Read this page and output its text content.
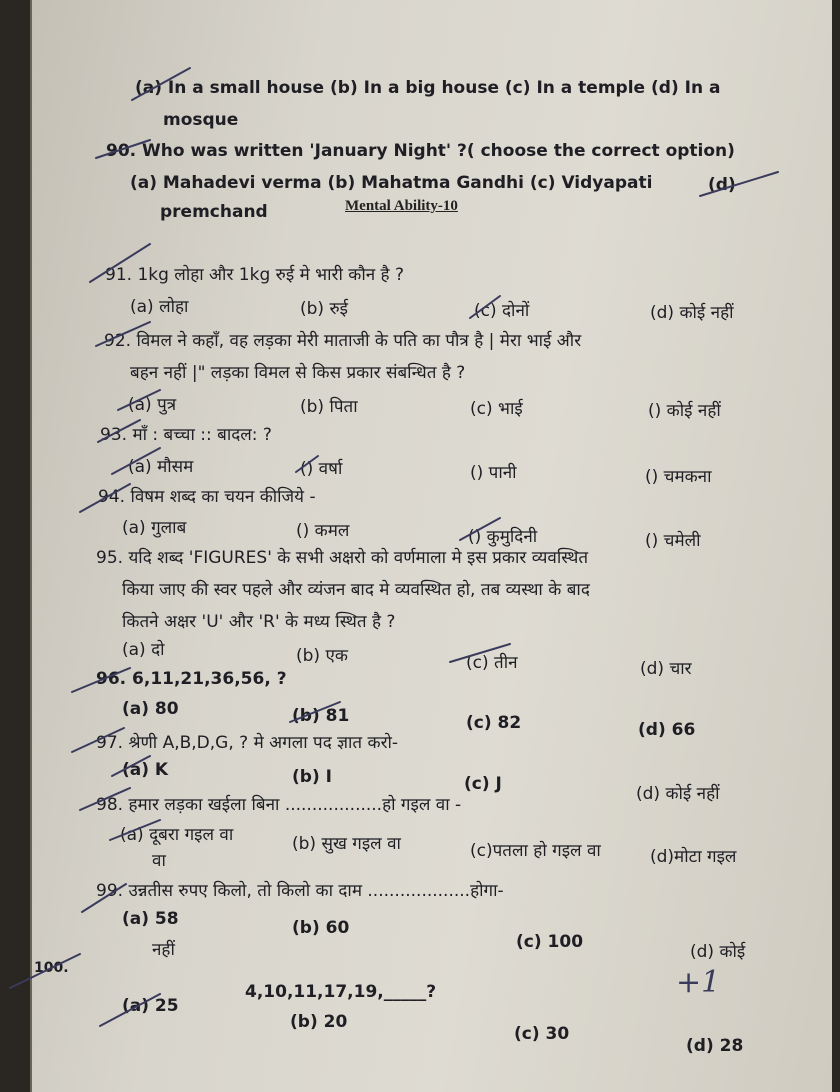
(a) In a small house (b) In a big house (c) In a temple (d) In a
mosque
90. Who was written 'January Night' ?( choose the correct option)
(a) Mahadevi verma (b) Mahatma Gandhi (c) Vidyapati	(d)
premchand	Mental Ability-10
91. 1kg लोहा और 1kg रुई मे भारी कौन है ?
(a) लोहा	(b) रुई	(c) दोनों	(d) कोई नहीं
92. विमल ने कहाँ, वह लड़का मेरी माताजी के पति का पौत्र है | मेरा भाई और
बहन नहीं |" लड़का विमल से किस प्रकार संबन्धित है ?
(a) पुत्र	(b) पिता	(c) भाई	() कोई नहीं
93. माँ : बच्चा :: बादल: ?
(a) मौसम	() वर्षा	() पानी	() चमकना
94. विषम शब्द का चयन कीजिये -
(a) गुलाब	() कमल	() कुमुदिनी	() चमेली
95. यदि शब्द 'FIGURES' के सभी अक्षरो को वर्णमाला मे इस प्रकार व्यवस्थित
किया जाए की स्वर पहले और व्यंजन बाद मे व्यवस्थित हो, तब व्यस्था के बाद
कितने अक्षर 'U' और 'R' के मध्य स्थित है ?
(a) दो	(b) एक	(c) तीन	(d) चार
96. 6,11,21,36,56, ?
(a) 80	(b) 81	(c) 82	(d) 66
97. श्रेणी A,B,D,G, ? मे अगला पद ज्ञात करो-
(a) K	(b) I	(c) J	(d) कोई नहीं
98. हमार लड़का खईला बिना ..................हो गइल वा -
(a) दूबरा गइल वा
वा
(b) सुख गइल वा	(c)पतला हो गइल वा	(d)मोटा गइल
99. उन्नतीस रुपए किलो, तो किलो का दाम ...................होगा-
(a) 58	(b) 60
(c) 100	(d) कोई
नहीं
100.
4,10,11,17,19,_____?
(a) 25
(b) 20
(c) 30
(d) 28
+1
